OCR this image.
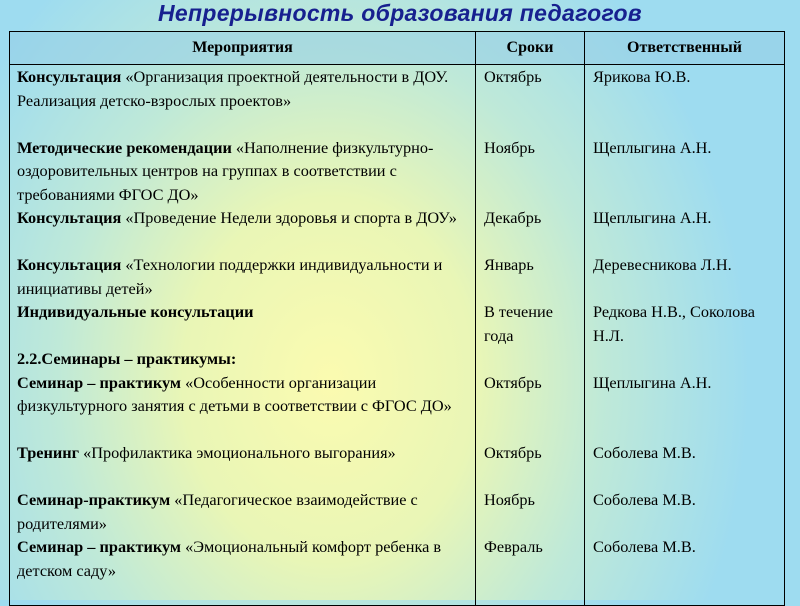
Непрерывность образования педагогов
Мероприятия	Сроки	Ответственный

Консультация «Организация проектной деятельности в ДОУ. Реализация детско-взрослых проектов»

Методические рекомендации «Наполнение физкультурно-оздоровительных центров на группах в соответствии с требованиями ФГОС ДО»

Консультация «Проведение Недели здоровья и спорта в ДОУ»

Консультация «Технологии поддержки индивидуальности и инициативы детей»

Индивидуальные консультации

2.2.Семинары – практикумы:

Семинар – практикум «Особенности организации физкультурного занятия с детьми в соответствии с ФГОС ДО»

Тренинг «Профилактика эмоционального выгорания»

Семинар-практикум «Педагогическое взаимодействие с родителями»

Семинар – практикум «Эмоциональный комфорт ребенка в детском саду»

Октябрь

Ноябрь

Декабрь

Январь

В течение года

Октябрь

Октябрь

Ноябрь

Февраль

Ярикова Ю.В.

Щеплыгина А.Н.

Щеплыгина А.Н.

Деревесникова Л.Н.

Редкова Н.В., Соколова Н.Л.

Щеплыгина А.Н.

Соболева М.В.

Соболева М.В.

Соболева М.В.
